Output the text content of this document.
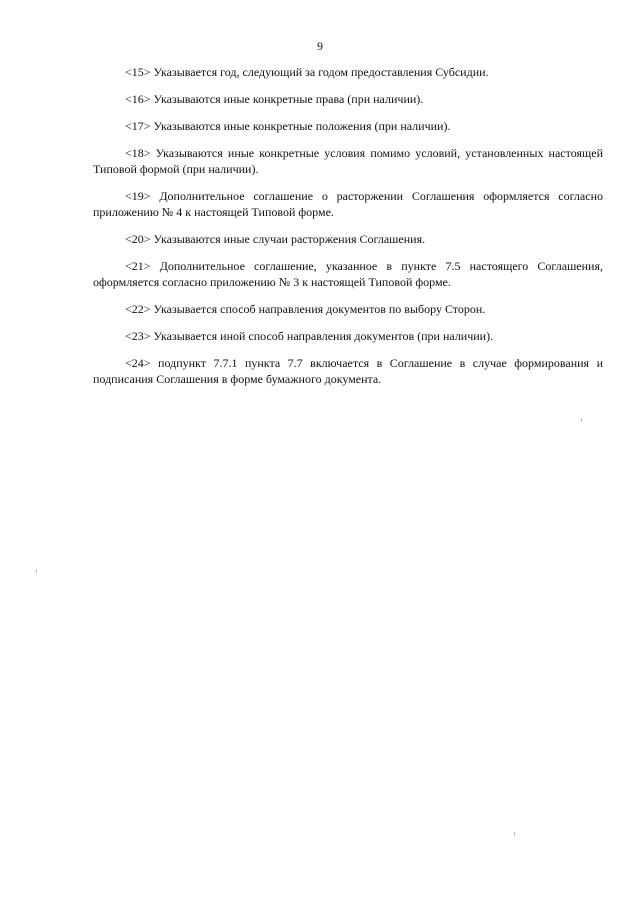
9

<15> Указывается год, следующий за годом предоставления Субсидии.

<16> Указываются иные конкретные права (при наличии).

<17> Указываются иные конкретные положения (при наличии).

<18> Указываются иные конкретные условия помимо условий, установленных настоящей Типовой формой (при наличии).

<19> Дополнительное соглашение о расторжении Соглашения оформляется согласно приложению № 4 к настоящей Типовой форме.

<20> Указываются иные случаи расторжения Соглашения.

<21> Дополнительное соглашение, указанное в пункте 7.5 настоящего Соглашения, оформляется согласно приложению № 3 к настоящей Типовой форме.

<22> Указывается способ направления документов по выбору Сторон.

<23> Указывается иной способ направления документов (при наличии).

<24> подпункт 7.7.1 пункта 7.7 включается в Соглашение в случае формирования и подписания Соглашения в форме бумажного документа.
